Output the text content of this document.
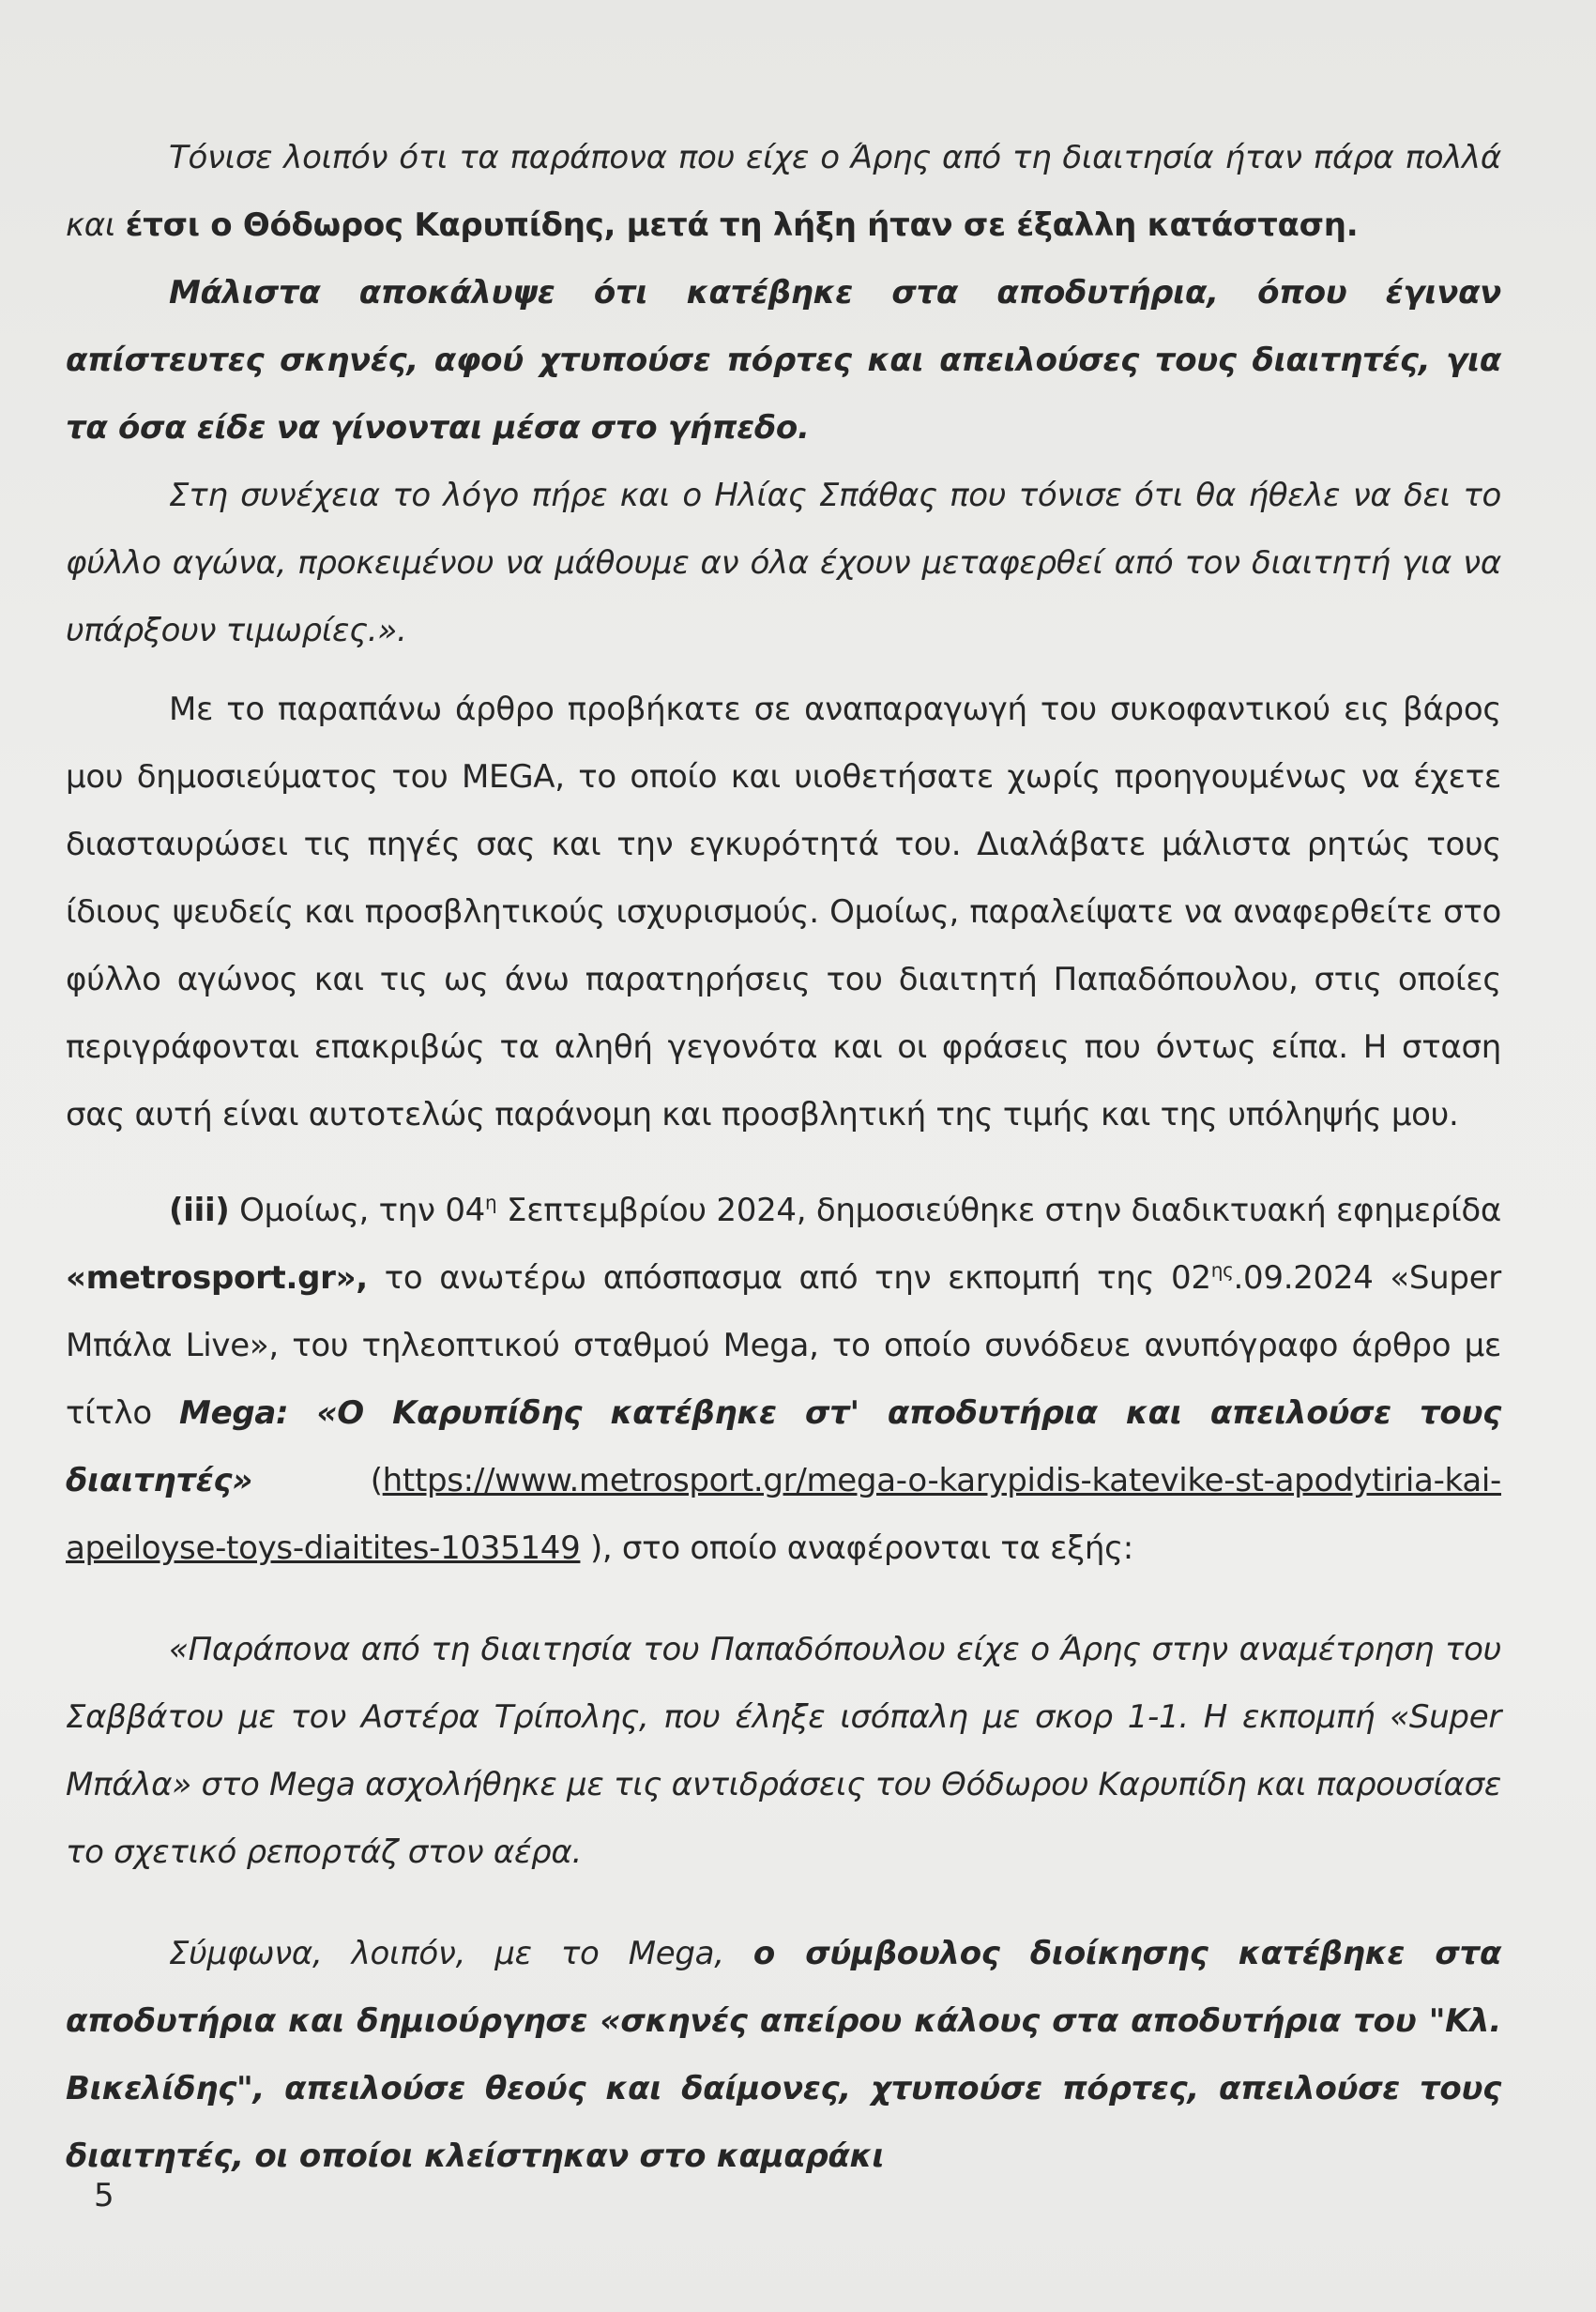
Τόνισε λοιπόν ότι τα παράπονα που είχε ο Άρης από τη διαιτησία ήταν πάρα πολλά και έτσι ο Θόδωρος Καρυπίδης, μετά τη λήξη ήταν σε έξαλλη κατάσταση.

Μάλιστα αποκάλυψε ότι κατέβηκε στα αποδυτήρια, όπου έγιναν απίστευτες σκηνές, αφού χτυπούσε πόρτες και απειλούσες τους διαιτητές, για τα όσα είδε να γίνονται μέσα στο γήπεδο.

Στη συνέχεια το λόγο πήρε και ο Ηλίας Σπάθας που τόνισε ότι θα ήθελε να δει το φύλλο αγώνα, προκειμένου να μάθουμε αν όλα έχουν μεταφερθεί από τον διαιτητή για να υπάρξουν τιμωρίες.».

Με το παραπάνω άρθρο προβήκατε σε αναπαραγωγή του συκοφαντικού εις βάρος μου δημοσιεύματος του MEGA, το οποίο και υιοθετήσατε χωρίς προηγουμένως να έχετε διασταυρώσει τις πηγές σας και την εγκυρότητά του. Διαλάβατε μάλιστα ρητώς τους ίδιους ψευδείς και προσβλητικούς ισχυρισμούς. Ομοίως, παραλείψατε να αναφερθείτε στο φύλλο αγώνος και τις ως άνω παρατηρήσεις του διαιτητή Παπαδόπουλου, στις οποίες περιγράφονται επακριβώς τα αληθή γεγονότα και οι φράσεις που όντως είπα. Η σταση σας αυτή είναι αυτοτελώς παράνομη και προσβλητική της τιμής και της υπόληψής μου.

(iii) Ομοίως, την $04^\eta$ Σεπτεμβρίου 2024, δημοσιεύθηκε στην διαδικτυακή εφημερίδα «metrosport.gr», το ανωτέρω απόσπασμα από την εκπομπή της $02^{\eta\varsigma}.09.2024$ «Super Μπάλα Live», του τηλεοπτικού σταθμού Mega, το οποίο συνόδευε ανυπόγραφο άρθρο με τίτλο Mega: «Ο Καρυπίδης κατέβηκε στ' αποδυτήρια και απειλούσε τους διαιτητές»	(https://www.metrosport.gr/mega-o-karypidis-katevike-st-apodytiria-kai-apeiloyse-toys-diaitites-1035149 ), στο οποίο αναφέρονται τα εξής:

«Παράπονα από τη διαιτησία του Παπαδόπουλου είχε ο Άρης στην αναμέτρηση του Σαββάτου με τον Αστέρα Τρίπολης, που έληξε ισόπαλη με σκορ 1-1. Η εκπομπή «Super Μπάλα» στο Mega ασχολήθηκε με τις αντιδράσεις του Θόδωρου Καρυπίδη και παρουσίασε το σχετικό ρεπορτάζ στον αέρα.

Σύμφωνα, λοιπόν, με το Mega, ο σύμβουλος διοίκησης κατέβηκε στα αποδυτήρια και δημιούργησε «σκηνές απείρου κάλους στα αποδυτήρια του "Κλ. Βικελίδης", απειλούσε θεούς και δαίμονες, χτυπούσε πόρτες, απειλούσε τους διαιτητές, οι οποίοι κλείστηκαν στο καμαράκι

5
